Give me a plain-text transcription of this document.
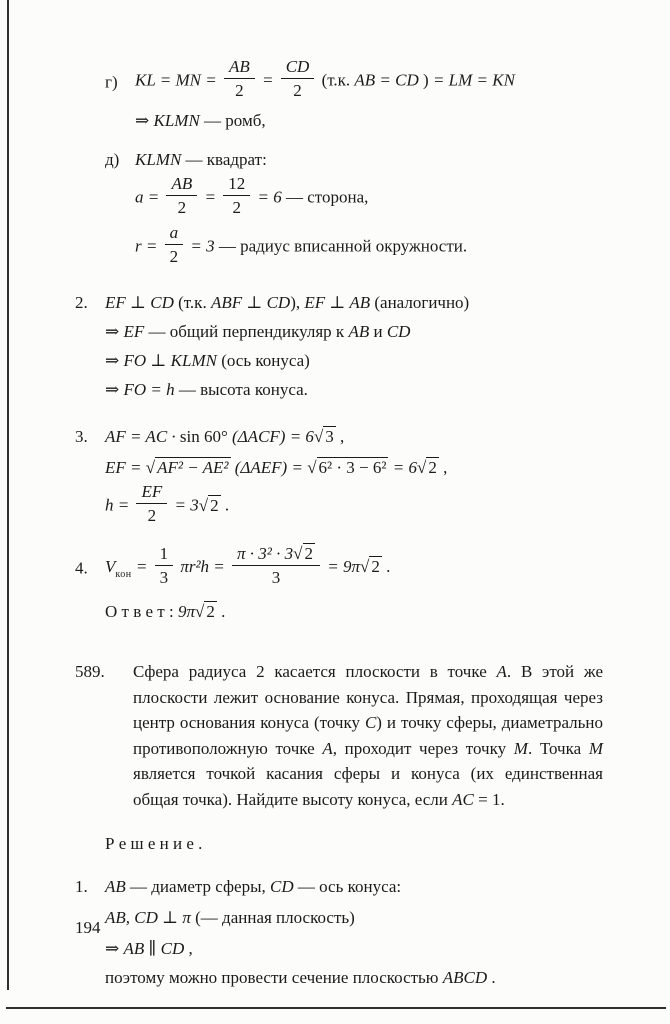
г) KL = MN = $\frac{AB}{2} = \frac{CD}{2} (т.к$. AB = CD ) = LM = KN
⇒ KLMN — ромб,
д) KLMN — квадрат:
$a = \frac{AB}{2} = \frac{12}{2} = 6$ — сторона,
$r = \frac{a}{2} = 3$ — радиус вписанной окружности.
2. EF ⊥ CD (т.к. ABF ⊥ CD), EF ⊥ AB (аналогично)
⇒ EF — общий перпендикуляр к AB и CD
⇒ FO ⊥ KLMN (ось конуса)
⇒ FO = h — высота конуса.
3. AF = AC · sin 60° (ΔACF) = 6√ 3 ,
EF = √ AF² − AE² (ΔAEF) = √ 6² · 3 − 6² = 6√ 2 ,
$h = \frac{EF}{2} = 3√$ 2 .
4. $V_{кон} = \frac{1}{3} \pi r^2h = \frac{\text{π · 3² · 3√ 2}}{3} = 9\pi√$ 2 .
О т в е т : 9π√ 2 .
589. Сфера радиуса 2 касается плоскости в точке A. В этой же плоскости лежит основание конуса. Прямая, проходящая через центр основания конуса (точку C) и точку сферы, диаметрально противоположную точке A, проходит через точку M. Точка M является точкой касания сферы и конуса (их единственная общая точка). Найдите высоту конуса, если AC = 1.
Р е ш е н и е .
1. AB — диаметр сферы, CD — ось конуса:
AB, CD ⊥ π (— данная плоскость)
⇒ AB ∥ CD ,
поэтому можно провести сечение плоскостью ABCD .
194
